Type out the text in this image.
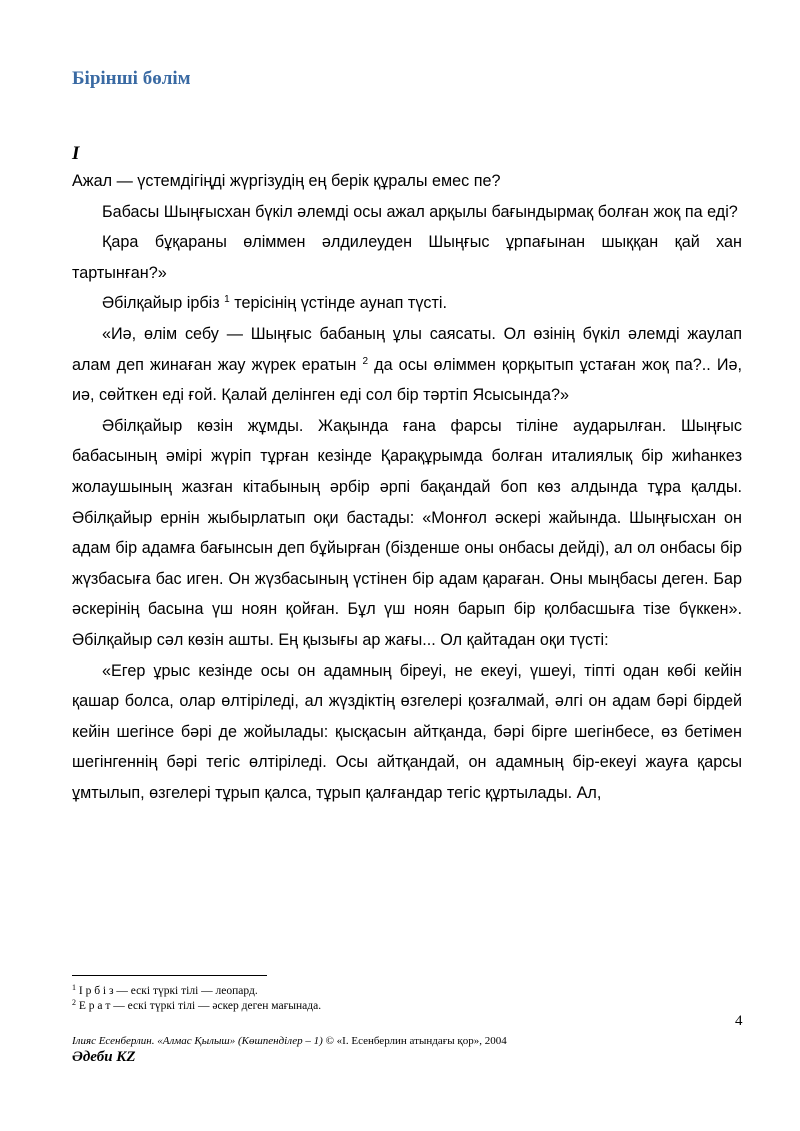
Бірінші бөлім
I

Ажал — үстемдігіңді жүргізудің ең берік құралы емес пе?

Бабасы Шыңғысхан бүкіл әлемді осы ажал арқылы бағындырмақ болған жоқ па еді?

Қара бұқараны өліммен әлдилеуден Шыңғыс ұрпағынан шыққан қай хан тартынған?»

Әбілқайыр ірбіз $^1$ терісінің үстінде аунап түсті.

«Иә, өлім себу — Шыңғыс бабаның ұлы саясаты. Ол өзінің бүкіл әлемді жаулап алам деп жинаған жау жүрек ератын $^2$ да осы өліммен қорқытып ұстаған жоқ па?.. Иә, иә, сөйткен еді ғой. Қалай делінген еді сол бір тәртіп Ясысында?»

Әбілқайыр көзін жұмды. Жақында ғана фарсы тіліне аударылған. Шыңғыс бабасының әмірі жүріп тұрған кезінде Қарақұрымда болған италиялық бір жиһанкез жолаушының жазған кітабының әрбір әрпі бақандай боп көз алдында тұра қалды. Әбілқайыр ернін жыбырлатып оқи бастады: «Монғол әскері жайында. Шыңғысхан он адам бір адамға бағынсын деп бұйырған (бізденше оны онбасы дейді), ал ол онбасы бір жүзбасыға бас иген. Он жүзбасының үстінен бір адам қараған. Оны мыңбасы деген. Бар әскерінің басына үш ноян қойған. Бұл үш ноян барып бір қолбасшыға тізе бүккен». Әбілқайыр сәл көзін ашты. Ең қызығы ар жағы... Ол қайтадан оқи түсті:

«Егер ұрыс кезінде осы он адамның біреуі, не екеуі, үшеуі, тіпті одан көбі кейін қашар болса, олар өлтіріледі, ал жүздіктің өзгелері қозғалмай, әлгі он адам бәрі бірдей кейін шегінсе бәрі де жойылады: қысқасын айтқанда, бәрі бірге шегінбесе, өз бетімен шегінгеннің бәрі тегіс өлтіріледі. Осы айтқандай, он адамның бір-екеуі жауға қарсы ұмтылып, өзгелері тұрып қалса, тұрып қалғандар тегіс құртылады. Ал,

$^1$ І р б і з — ескі түркі тілі — леопард.
$^2$ Е р а т — ескі түркі тілі — әскер деген мағынада.
4
Ілияс Есенберлин. «Алмас Қылыш» (Көшпенділер – 1) © «І. Есенберлин атындағы қор», 2004
Әдеби KZ
